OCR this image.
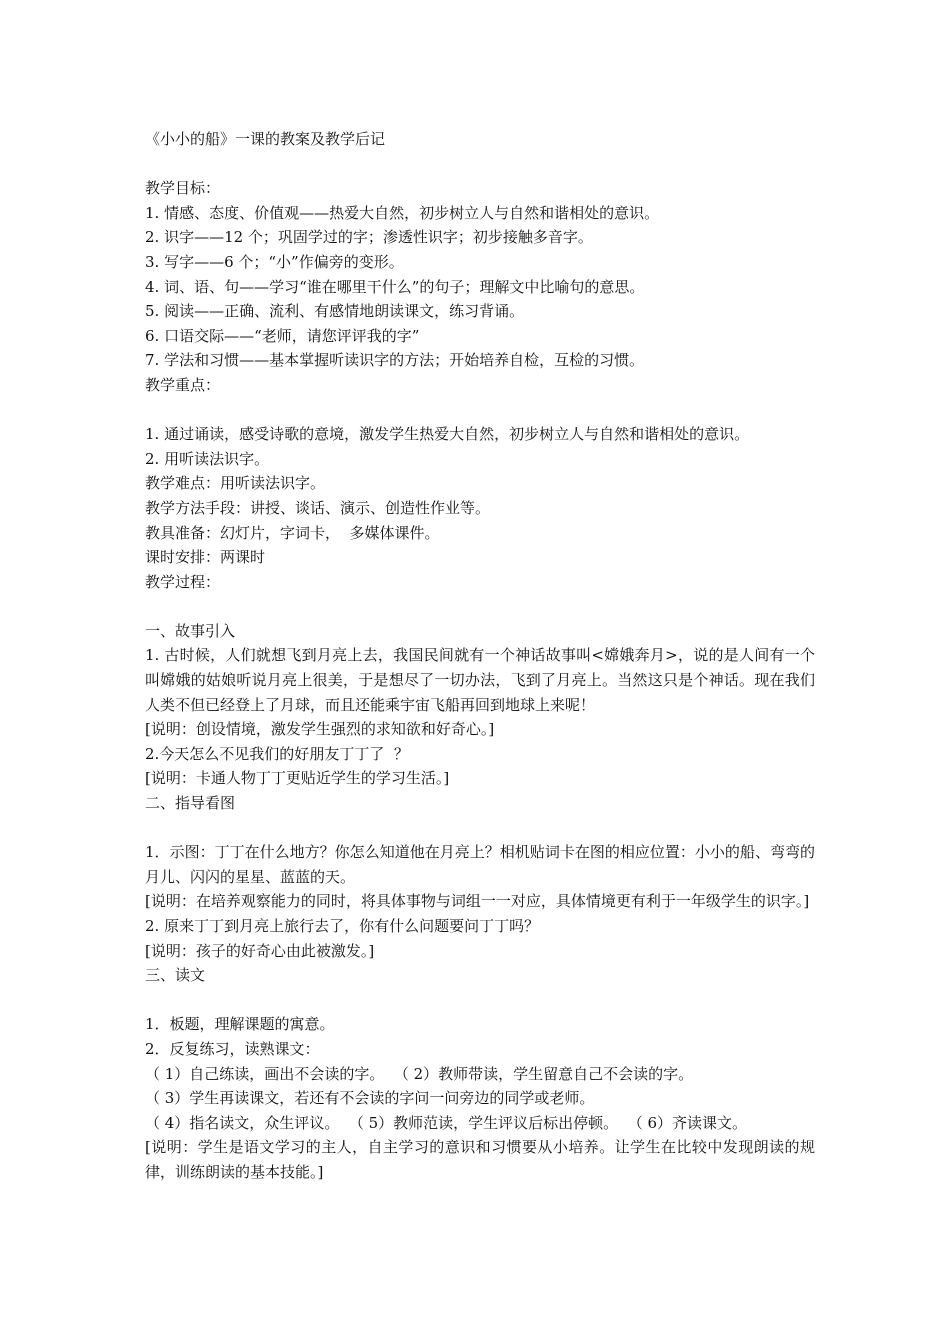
《小小的船》一课的教案及教学后记
教学目标：
1. 情感、态度、价值观——热爱大自然，初步树立人与自然和谐相处的意识。
2. 识字——12 个；巩固学过的字；渗透性识字；初步接触多音字。
3. 写字——6 个；“小”作偏旁的变形。
4. 词、语、句——学习“谁在哪里干什么”的句子；理解文中比喻句的意思。
5. 阅读——正确、流利、有感情地朗读课文，练习背诵。
6. 口语交际——“老师，请您评评我的字”
7. 学法和习惯——基本掌握听读识字的方法；开始培养自检，互检的习惯。
教学重点：
1. 通过诵读，感受诗歌的意境，激发学生热爱大自然，初步树立人与自然和谐相处的意识。
2. 用听读法识字。
教学难点：用听读法识字。
教学方法手段：讲授、谈话、演示、创造性作业等。
教具准备：幻灯片，字词卡，  多媒体课件。
课时安排：两课时
教学过程：
一、故事引入
1. 古时候，人们就想飞到月亮上去，我国民间就有一个神话故事叫<嫦娥奔月>，说的是人间有一个叫嫦娥的姑娘听说月亮上很美，于是想尽了一切办法，飞到了月亮上。当然这只是个神话。现在我们人类不但已经登上了月球，而且还能乘宇宙飞船再回到地球上来呢！
[说明：创设情境，激发学生强烈的求知欲和好奇心。]
2.今天怎么不见我们的好朋友丁丁了  ？
[说明：卡通人物丁丁更贴近学生的学习生活。]
二、指导看图
1．示图：丁丁在什么地方？你怎么知道他在月亮上？相机贴词卡在图的相应位置：小小的船、弯弯的月儿、闪闪的星星、蓝蓝的天。
[说明：在培养观察能力的同时，将具体事物与词组一一对应，具体情境更有利于一年级学生的识字。]
2. 原来丁丁到月亮上旅行去了，你有什么问题要问丁丁吗？
[说明：孩子的好奇心由此被激发。]
三、读文
1．板题，理解课题的寓意。
2．反复练习，读熟课文：
（ 1）自己练读，画出不会读的字。  （ 2）教师带读，学生留意自己不会读的字。
（ 3）学生再读课文，若还有不会读的字问一问旁边的同学或老师。
（ 4）指名读文，众生评议。  （ 5）教师范读，学生评议后标出停顿。  （ 6）齐读课文。
[说明：学生是语文学习的主人，自主学习的意识和习惯要从小培养。让学生在比较中发现朗读的规律，训练朗读的基本技能。]
